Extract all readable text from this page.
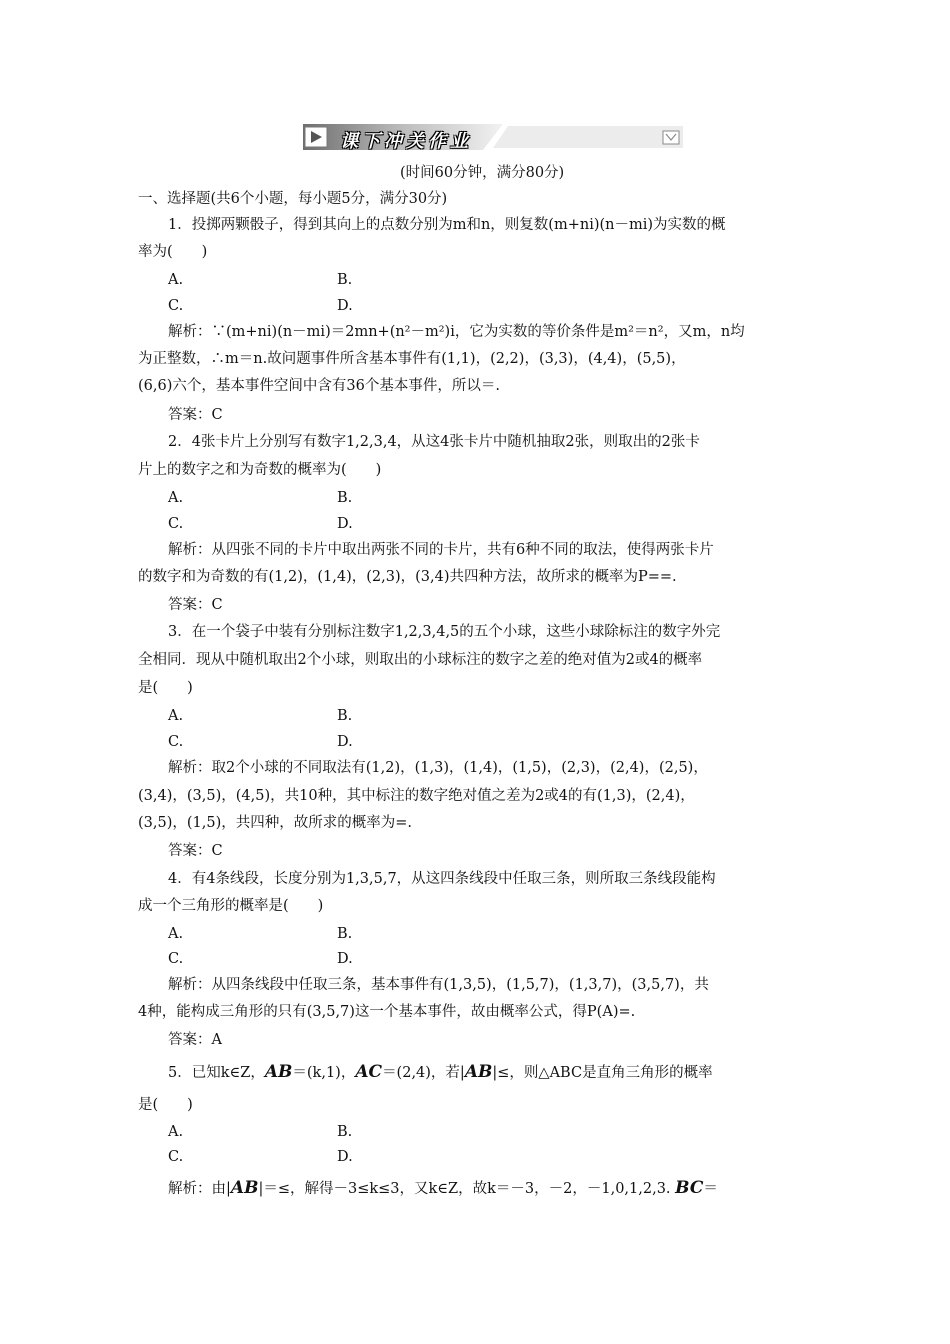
课下冲关作业
(时间60分钟，满分80分)
一、选择题(共6个小题，每小题5分，满分30分)
1．投掷两颗骰子，得到其向上的点数分别为m和n，则复数(m+ni)(n－mi)为实数的概
率为(　　)
A.	B.
C.	D.
解析：∵(m+ni)(n－mi)＝2mn+(n²－m²)i，它为实数的等价条件是m²＝n²，又m，n均
为正整数，∴m＝n.故问题事件所含基本事件有(1,1)，(2,2)，(3,3)，(4,4)，(5,5)，
(6,6)六个，基本事件空间中含有36个基本事件，所以＝.
答案：C
2．4张卡片上分别写有数字1,2,3,4，从这4张卡片中随机抽取2张，则取出的2张卡
片上的数字之和为奇数的概率为(　　)
A.	B.
C.	D.
解析：从四张不同的卡片中取出两张不同的卡片，共有6种不同的取法，使得两张卡片
的数字和为奇数的有(1,2)，(1,4)，(2,3)，(3,4)共四种方法，故所求的概率为P==.
答案：C
3．在一个袋子中装有分别标注数字1,2,3,4,5的五个小球，这些小球除标注的数字外完
全相同．现从中随机取出2个小球，则取出的小球标注的数字之差的绝对值为2或4的概率
是(　　)
A.	B.
C.	D.
解析：取2个小球的不同取法有(1,2)，(1,3)，(1,4)，(1,5)，(2,3)，(2,4)，(2,5)，
(3,4)，(3,5)，(4,5)，共10种，其中标注的数字绝对值之差为2或4的有(1,3)，(2,4)，
(3,5)，(1,5)，共四种，故所求的概率为=.
答案：C
4．有4条线段，长度分别为1,3,5,7，从这四条线段中任取三条，则所取三条线段能构
成一个三角形的概率是(　　)
A.	B.
C.	D.
解析：从四条线段中任取三条，基本事件有(1,3,5)，(1,5,7)，(1,3,7)，(3,5,7)，共
4种，能构成三角形的只有(3,5,7)这一个基本事件，故由概率公式，得P(A)=.
答案：A
5．已知k∈Z，AB＝(k,1)，AC＝(2,4)，若|AB|≤，则△ABC是直角三角形的概率
是(　　)
A.	B.
C.	D.
解析：由|AB|＝≤，解得－3≤k≤3，又k∈Z，故k＝－3，－2，－1,0,1,2,3. BC＝
